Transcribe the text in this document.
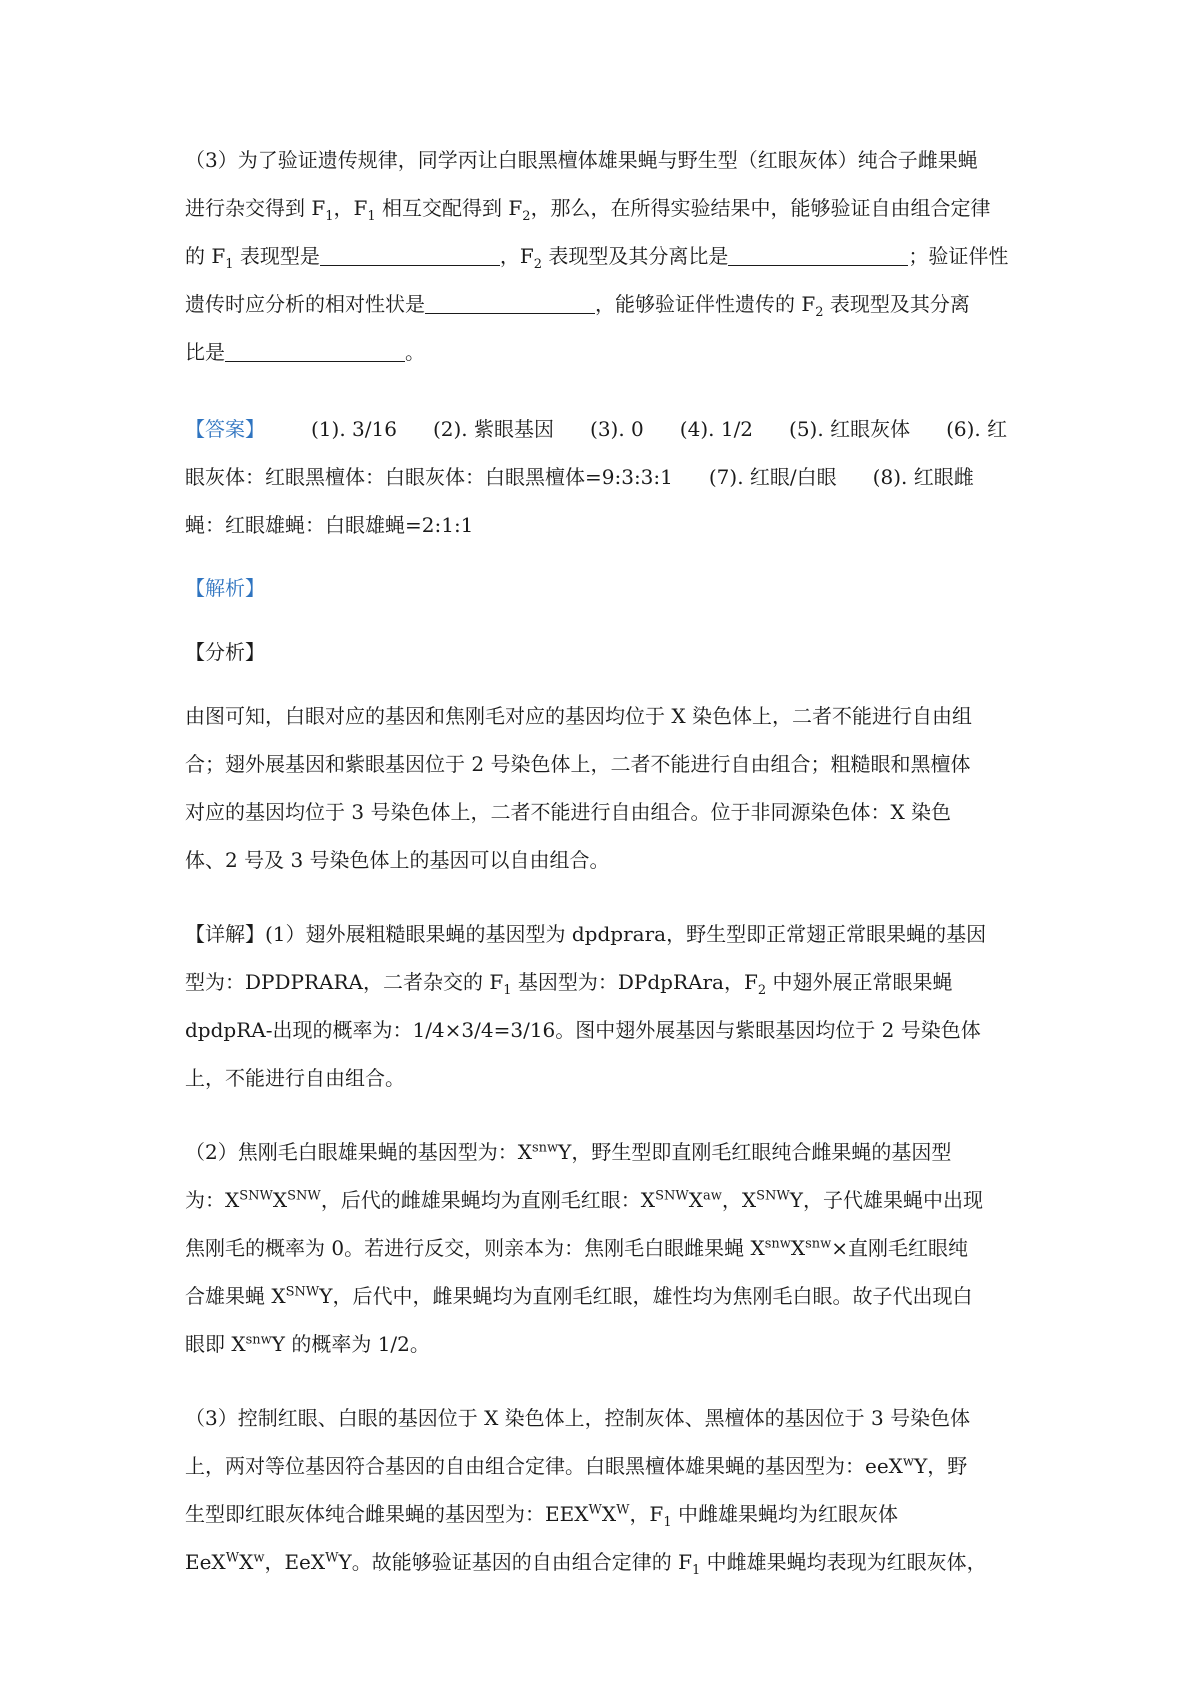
（3）为了验证遗传规律，同学丙让白眼黑檀体雄果蝇与野生型（红眼灰体）纯合子雌果蝇
进行杂交得到 $F_1$，$F_1$ 相互交配得到 $F_2$，那么，在所得实验结果中，能够验证自由组合定律
的 $F_1$ 表现型是	，$F_2$ 表现型及其分离比是	；验证伴性
遗传时应分析的相对性状是	，能够验证伴性遗传的 $F_2$ 表现型及其分离
比是	。
【答案】 (1). 3/16 (2). 紫眼基因 (3). 0 (4). 1/2 (5). 红眼灰体 (6). 红
眼灰体：红眼黑檀体：白眼灰体：白眼黑檀体=9:3:3:1 (7). 红眼/白眼 (8). 红眼雌
蝇：红眼雄蝇：白眼雄蝇=2:1:1
【解析】
【分析】
由图可知，白眼对应的基因和焦刚毛对应的基因均位于 X 染色体上，二者不能进行自由组
合；翅外展基因和紫眼基因位于 2 号染色体上，二者不能进行自由组合；粗糙眼和黑檀体
对应的基因均位于 3 号染色体上，二者不能进行自由组合。位于非同源染色体：X 染色
体、2 号及 3 号染色体上的基因可以自由组合。
【详解】(1）翅外展粗糙眼果蝇的基因型为 dpdprara，野生型即正常翅正常眼果蝇的基因
型为：DPDPRARA，二者杂交的 $F_1$ 基因型为：DPdpRAra，$F_2$ 中翅外展正常眼果蝇
dpdpRA-出现的概率为：1/4×3/4=3/16。图中翅外展基因与紫眼基因均位于 2 号染色体
上，不能进行自由组合。
（2）焦刚毛白眼雄果蝇的基因型为：$X^{snw}Y$，野生型即直刚毛红眼纯合雌果蝇的基因型
为：$X^{SNW}X^{SNW}$，后代的雌雄果蝇均为直刚毛红眼：$X^{SNW}X^{aw}$，$X^{SNW}Y$，子代雄果蝇中出现
焦刚毛的概率为 0。若进行反交，则亲本为：焦刚毛白眼雌果蝇 $X^{snw}X^{snw}\times$直刚毛红眼纯
合雄果蝇 $X^{SNW}Y$，后代中，雌果蝇均为直刚毛红眼，雄性均为焦刚毛白眼。故子代出现白
眼即 $X^{snw}Y$ 的概率为 1/2。
（3）控制红眼、白眼的基因位于 X 染色体上，控制灰体、黑檀体的基因位于 3 号染色体
上，两对等位基因符合基因的自由组合定律。白眼黑檀体雄果蝇的基因型为：eeX$^w$Y，野
生型即红眼灰体纯合雌果蝇的基因型为：$EEX^WX^W$，$F_1$ 中雌雄果蝇均为红眼灰体
$EeX^WX^w$，EeX$^W$Y。故能够验证基因的自由组合定律的 $F_1$ 中雌雄果蝇均表现为红眼灰体，
